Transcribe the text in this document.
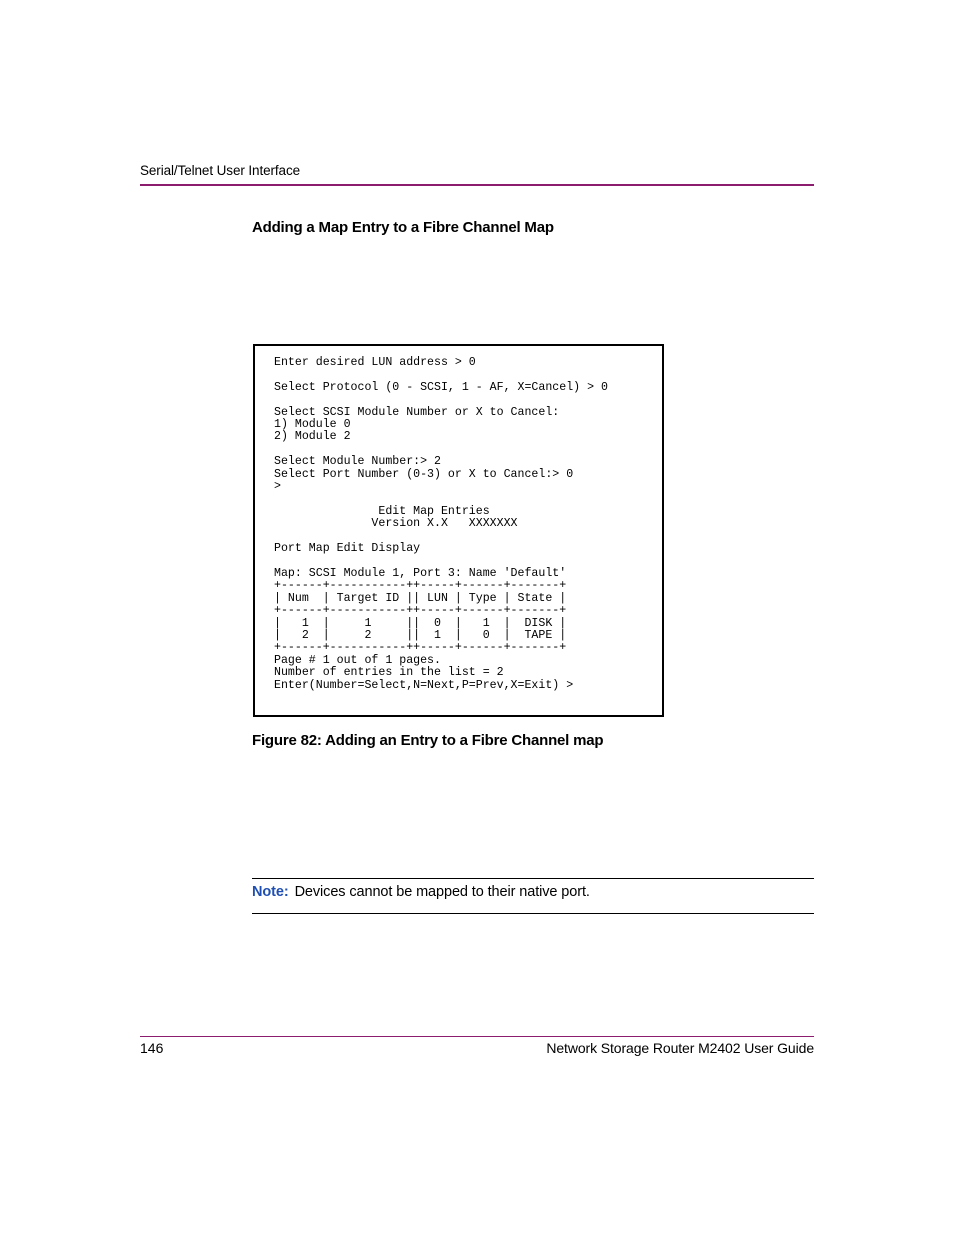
Serial/Telnet User Interface
Adding a Map Entry to a Fibre Channel Map
Enter desired LUN address > 0

Select Protocol (0 - SCSI, 1 - AF, X=Cancel) > 0

Select SCSI Module Number or X to Cancel:
1) Module 0
2) Module 2

Select Module Number:> 2
Select Port Number (0-3) or X to Cancel:> 0
>

Edit Map Entries
Version X.X   XXXXXXX

Port Map Edit Display

Map: SCSI Module 1, Port 3: Name 'Default'
+------+-----------++-----+------+-------+
| Num  | Target ID || LUN | Type | State |
+------+-----------++-----+------+-------+
|   1  |     1     ||  0  |   1  |  DISK |
|   2  |     2     ||  1  |   0  |  TAPE |
+------+-----------++-----+------+-------+
Page # 1 out of 1 pages.
Number of entries in the list = 2
Enter(Number=Select,N=Next,P=Prev,X=Exit) >
Figure 82: Adding an Entry to a Fibre Channel map
Note: Devices cannot be mapped to their native port.
146	Network Storage Router M2402 User Guide
